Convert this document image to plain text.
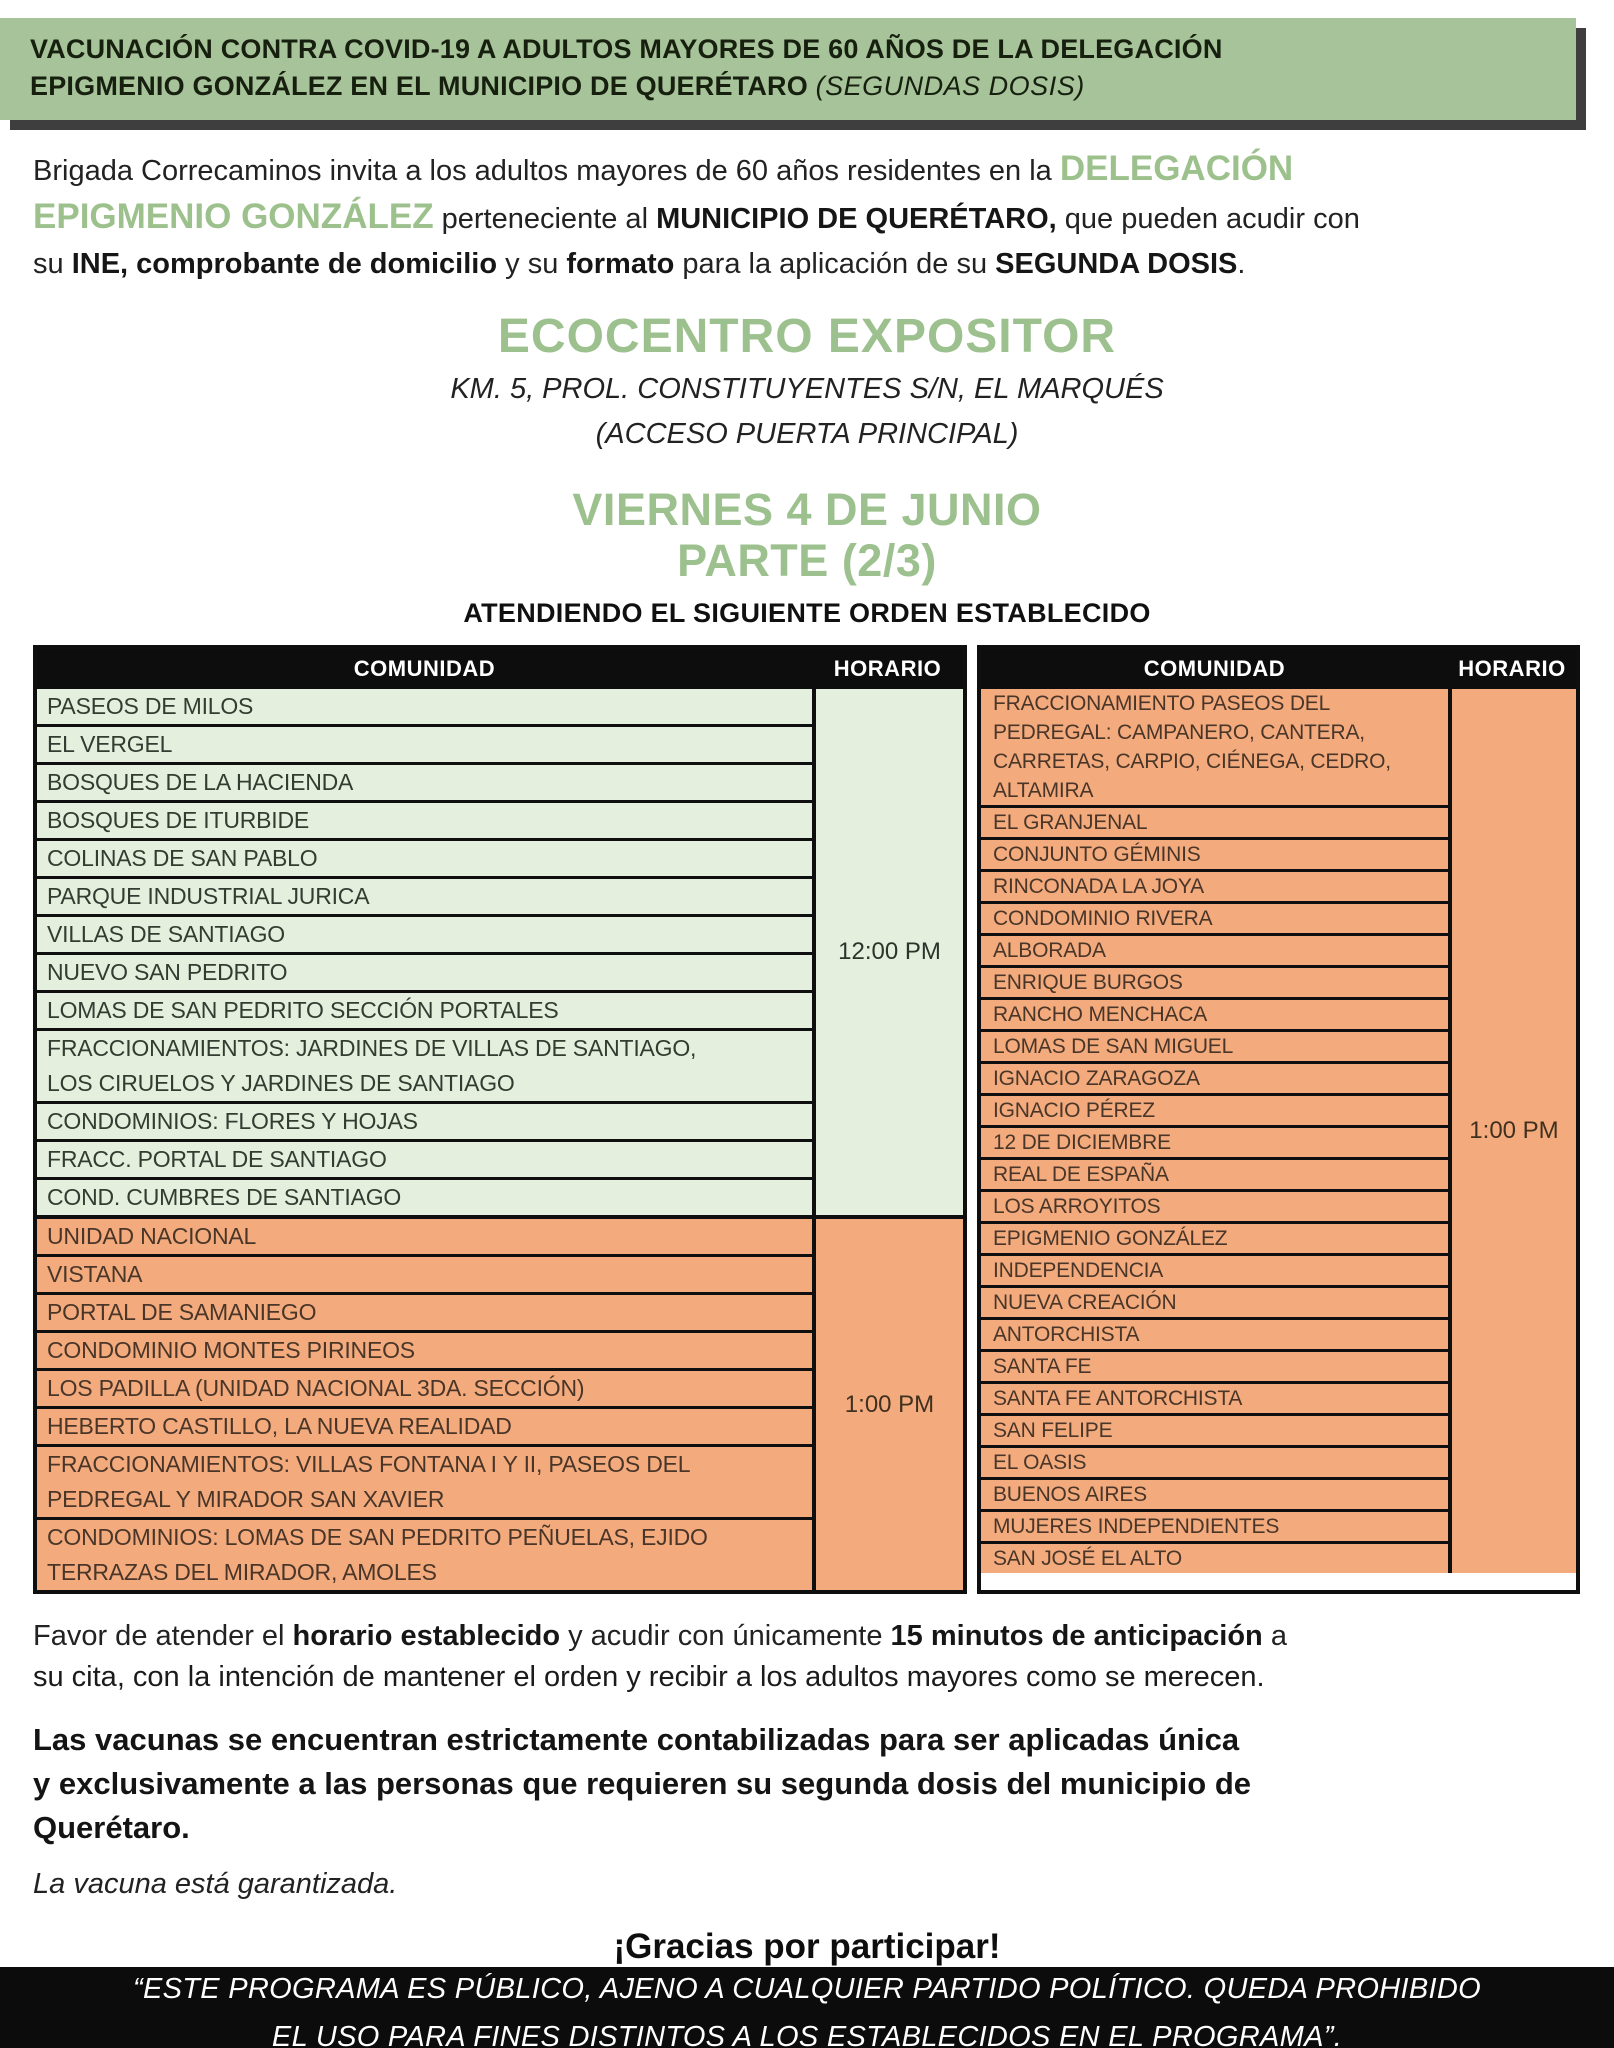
VACUNACIÓN CONTRA COVID-19 A ADULTOS MAYORES DE 60 AÑOS DE LA DELEGACIÓN
EPIGMENIO GONZÁLEZ EN EL MUNICIPIO DE QUERÉTARO (SEGUNDAS DOSIS)
Brigada Correcaminos invita a los adultos mayores de 60 años residentes en la DELEGACIÓN
EPIGMENIO GONZÁLEZ perteneciente al MUNICIPIO DE QUERÉTARO, que pueden acudir con
su INE, comprobante de domicilio y su formato para la aplicación de su SEGUNDA DOSIS.
ECOCENTRO EXPOSITOR
KM. 5, PROL. CONSTITUYENTES S/N, EL MARQUÉS
(ACCESO PUERTA PRINCIPAL)
VIERNES 4 DE JUNIO
PARTE (2/3)
ATENDIENDO EL SIGUIENTE ORDEN ESTABLECIDO
COMUNIDAD	HORARIO
PASEOS DE MILOS
EL VERGEL
BOSQUES DE LA HACIENDA
BOSQUES DE ITURBIDE
COLINAS DE SAN PABLO
PARQUE INDUSTRIAL JURICA
VILLAS DE SANTIAGO
NUEVO SAN PEDRITO
LOMAS DE SAN PEDRITO SECCIÓN PORTALES
FRACCIONAMIENTOS: JARDINES DE VILLAS DE SANTIAGO,
LOS CIRUELOS Y JARDINES DE SANTIAGO
CONDOMINIOS: FLORES Y HOJAS
FRACC. PORTAL DE SANTIAGO
COND. CUMBRES DE SANTIAGO
12:00 PM
UNIDAD NACIONAL
VISTANA
PORTAL DE SAMANIEGO
CONDOMINIO MONTES PIRINEOS
LOS PADILLA (UNIDAD NACIONAL 3DA. SECCIÓN)
HEBERTO CASTILLO, LA NUEVA REALIDAD
FRACCIONAMIENTOS: VILLAS FONTANA I Y II, PASEOS DEL
PEDREGAL Y MIRADOR SAN XAVIER
CONDOMINIOS: LOMAS DE SAN PEDRITO PEÑUELAS, EJIDO
TERRAZAS DEL MIRADOR, AMOLES
1:00 PM
COMUNIDAD	HORARIO
FRACCIONAMIENTO PASEOS DEL
PEDREGAL: CAMPANERO, CANTERA,
CARRETAS, CARPIO, CIÉNEGA, CEDRO,
ALTAMIRA
EL GRANJENAL
CONJUNTO GÉMINIS
RINCONADA LA JOYA
CONDOMINIO RIVERA
ALBORADA
ENRIQUE BURGOS
RANCHO MENCHACA
LOMAS DE SAN MIGUEL
IGNACIO ZARAGOZA
IGNACIO PÉREZ
12 DE DICIEMBRE
REAL DE ESPAÑA
LOS ARROYITOS
EPIGMENIO GONZÁLEZ
INDEPENDENCIA
NUEVA CREACIÓN
ANTORCHISTA
SANTA FE
SANTA FE ANTORCHISTA
SAN FELIPE
EL OASIS
BUENOS AIRES
MUJERES INDEPENDIENTES
SAN JOSÉ EL ALTO
1:00 PM
Favor de atender el horario establecido y acudir con únicamente 15 minutos de anticipación a
su cita, con la intención de mantener el orden y recibir a los adultos mayores como se merecen.
Las vacunas se encuentran estrictamente contabilizadas para ser aplicadas única
y exclusivamente a las personas que requieren su segunda dosis del municipio de
Querétaro.
La vacuna está garantizada.
¡Gracias por participar!
“ESTE PROGRAMA ES PÚBLICO, AJENO A CUALQUIER PARTIDO POLÍTICO. QUEDA PROHIBIDO
EL USO PARA FINES DISTINTOS A LOS ESTABLECIDOS EN EL PROGRAMA”.
